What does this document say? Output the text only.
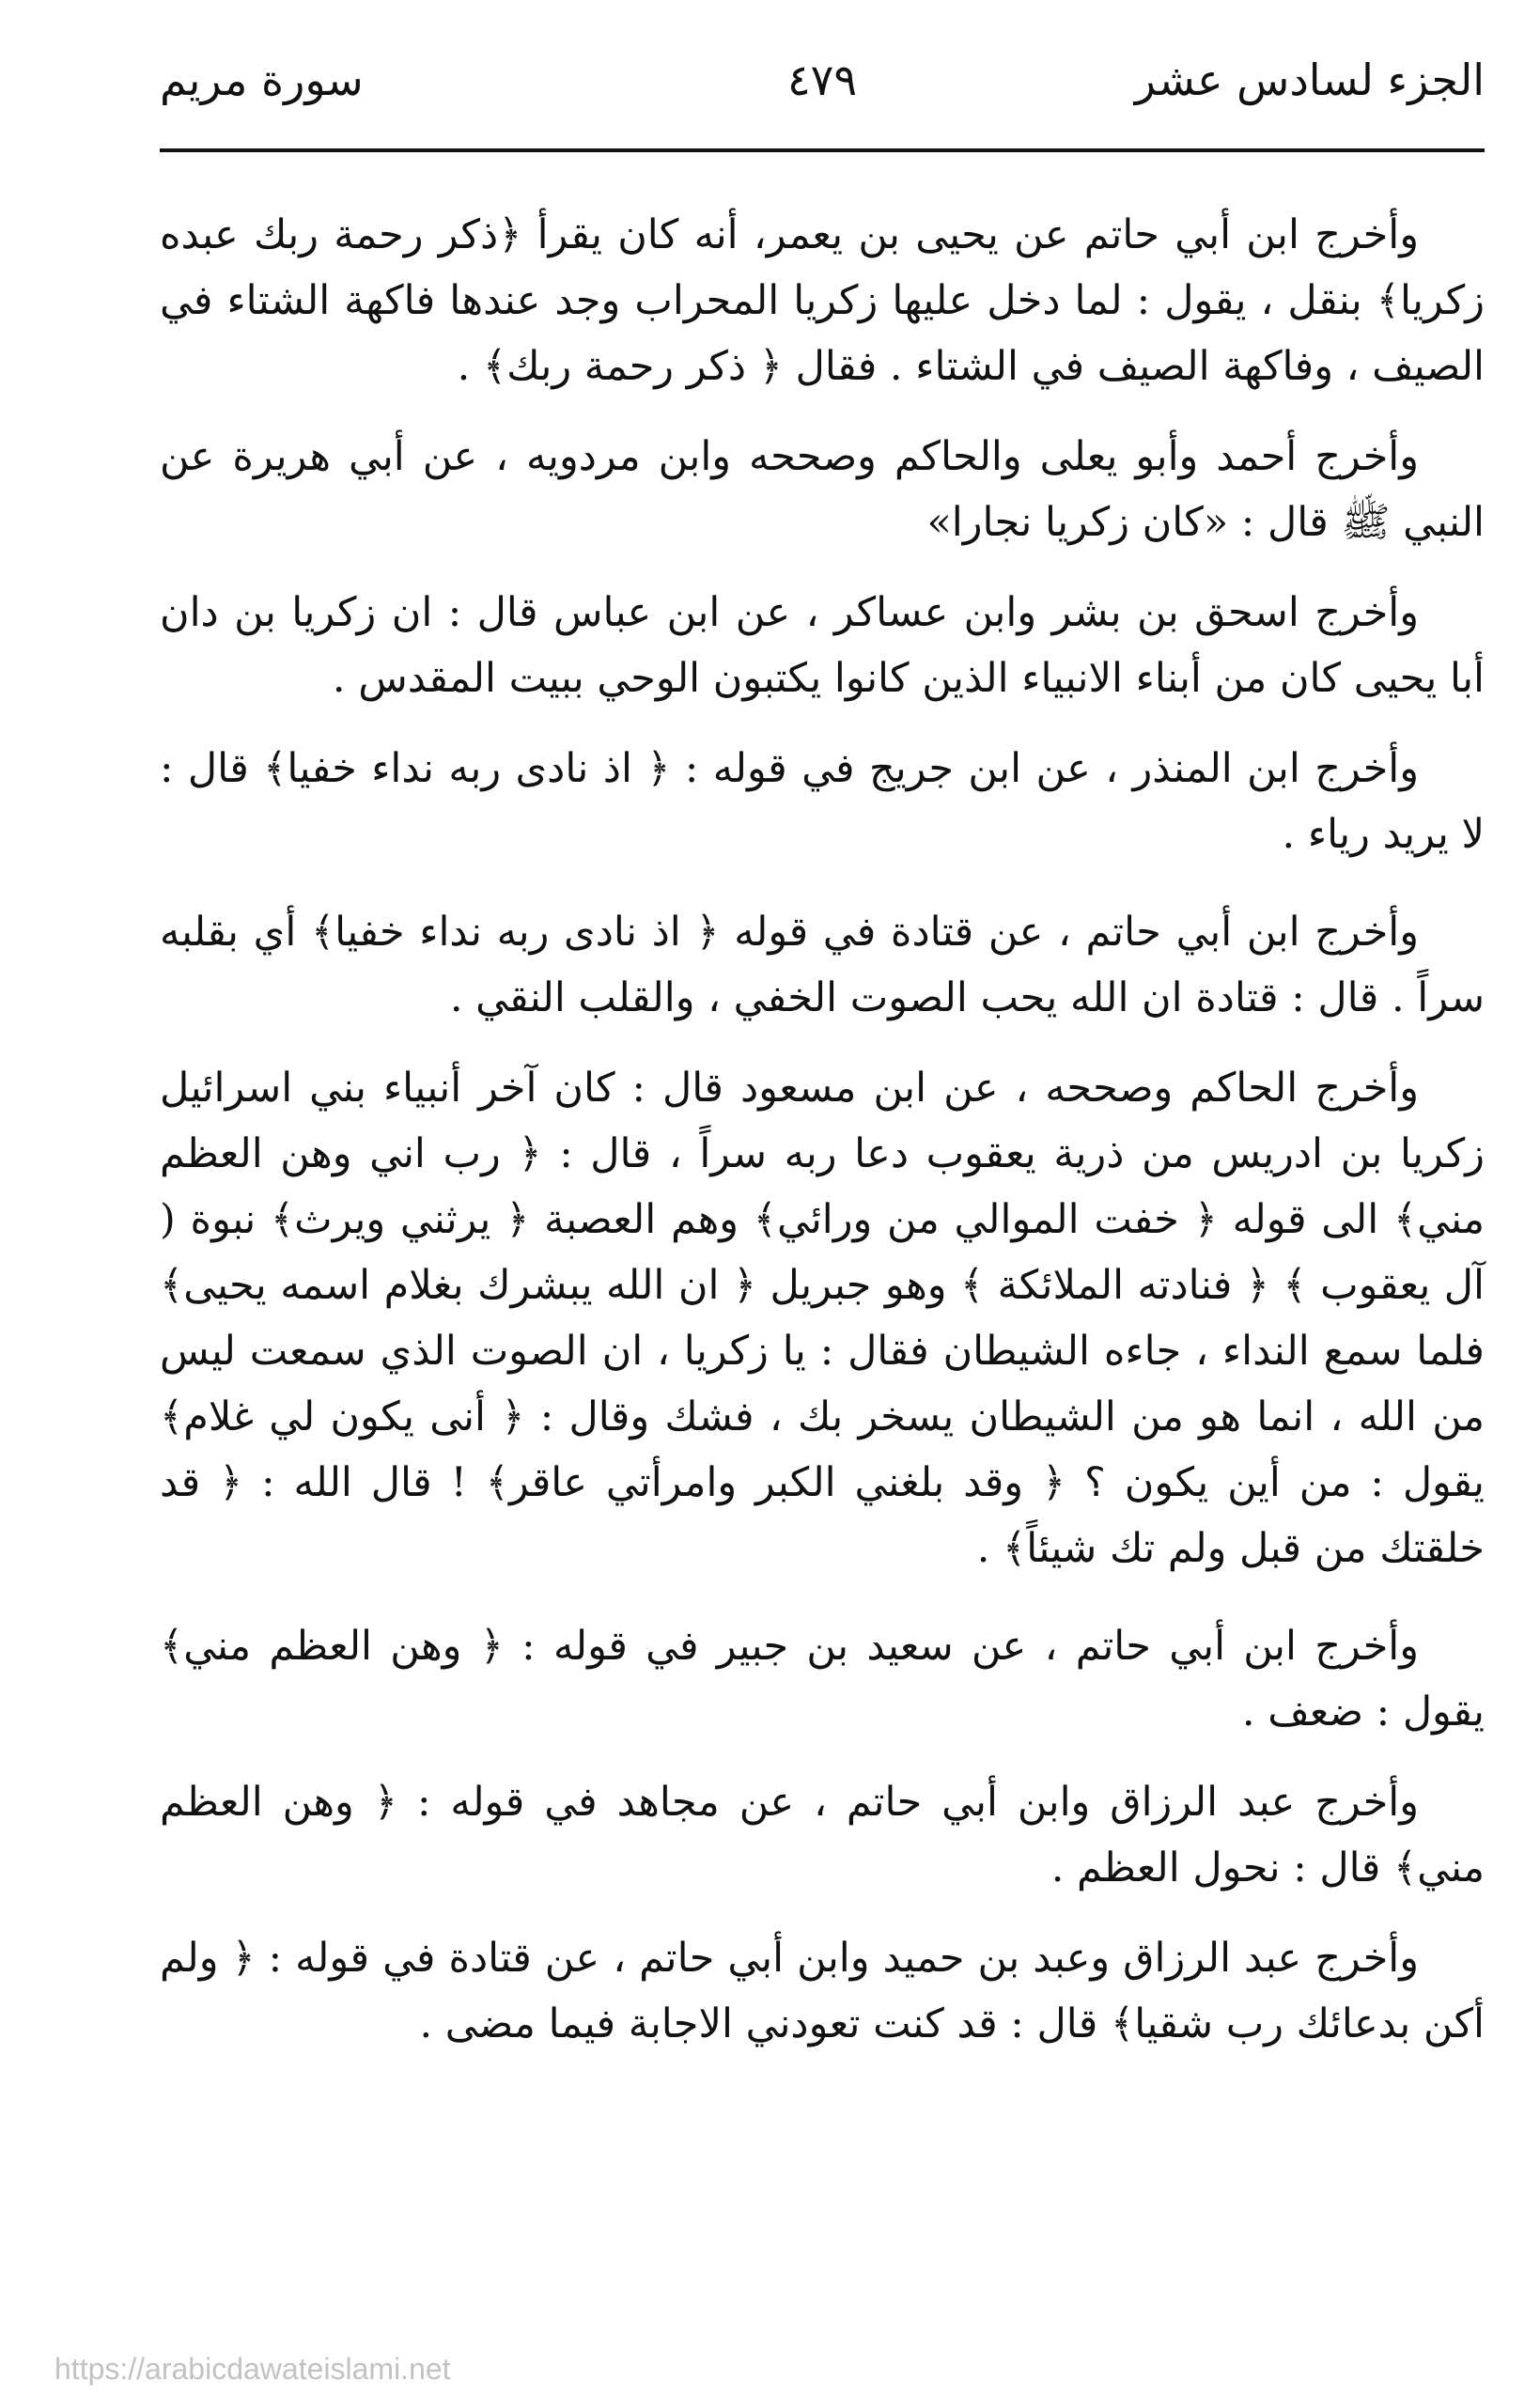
الجزء لسادس عشر
٤٧٩
سورة مريم

وأخرج ابن أبي حاتم عن يحيى بن يعمر، أنه كان يقرأ ﴿ذكر رحمة ربك عبده زكريا﴾ بنقل ، يقول : لما دخل عليها زكريا المحراب وجد عندها فاكهة الشتاء في الصيف ، وفاكهة الصيف في الشتاء . فقال ﴿ ذكر رحمة ربك﴾ .

وأخرج أحمد وأبو يعلى والحاكم وصححه وابن مردويه ، عن أبي هريرة عن النبي ﷺ قال : «كان زكريا نجارا»

وأخرج اسحق بن بشر وابن عساكر ، عن ابن عباس قال : ان زكريا بن دان أبا يحيى كان من أبناء الانبياء الذين كانوا يكتبون الوحي ببيت المقدس .

وأخرج ابن المنذر ، عن ابن جريج في قوله : ﴿ اذ نادى ربه نداء خفيا﴾ قال : لا يريد رياء .

وأخرج ابن أبي حاتم ، عن قتادة في قوله ﴿ اذ نادى ربه نداء خفيا﴾ أي بقلبه سراً . قال : قتادة ان الله يحب الصوت الخفي ، والقلب النقي .

وأخرج الحاكم وصححه ، عن ابن مسعود قال : كان آخر أنبياء بني اسرائيل زكريا بن ادريس من ذرية يعقوب دعا ربه سراً ، قال : ﴿ رب اني وهن العظم مني﴾ الى قوله ﴿ خفت الموالي من ورائي﴾ وهم العصبة ﴿ يرثني ويرث﴾ نبوة ( آل يعقوب ﴾ ﴿ فنادته الملائكة ﴾ وهو جبريل ﴿ ان الله يبشرك بغلام اسمه يحيى﴾ فلما سمع النداء ، جاءه الشيطان فقال : يا زكريا ، ان الصوت الذي سمعت ليس من الله ، انما هو من الشيطان يسخر بك ، فشك وقال : ﴿ أنى يكون لي غلام﴾ يقول : من أين يكون ؟ ﴿ وقد بلغني الكبر وامرأتي عاقر﴾ ! قال الله : ﴿ قد خلقتك من قبل ولم تك شيئاً﴾ .

وأخرج ابن أبي حاتم ، عن سعيد بن جبير في قوله : ﴿ وهن العظم مني﴾ يقول : ضعف .

وأخرج عبد الرزاق وابن أبي حاتم ، عن مجاهد في قوله : ﴿ وهن العظم مني﴾ قال : نحول العظم .

وأخرج عبد الرزاق وعبد بن حميد وابن أبي حاتم ، عن قتادة في قوله : ﴿ ولم أكن بدعائك رب شقيا﴾ قال : قد كنت تعودني الاجابة فيما مضى .

https://arabicdawateislami.net
